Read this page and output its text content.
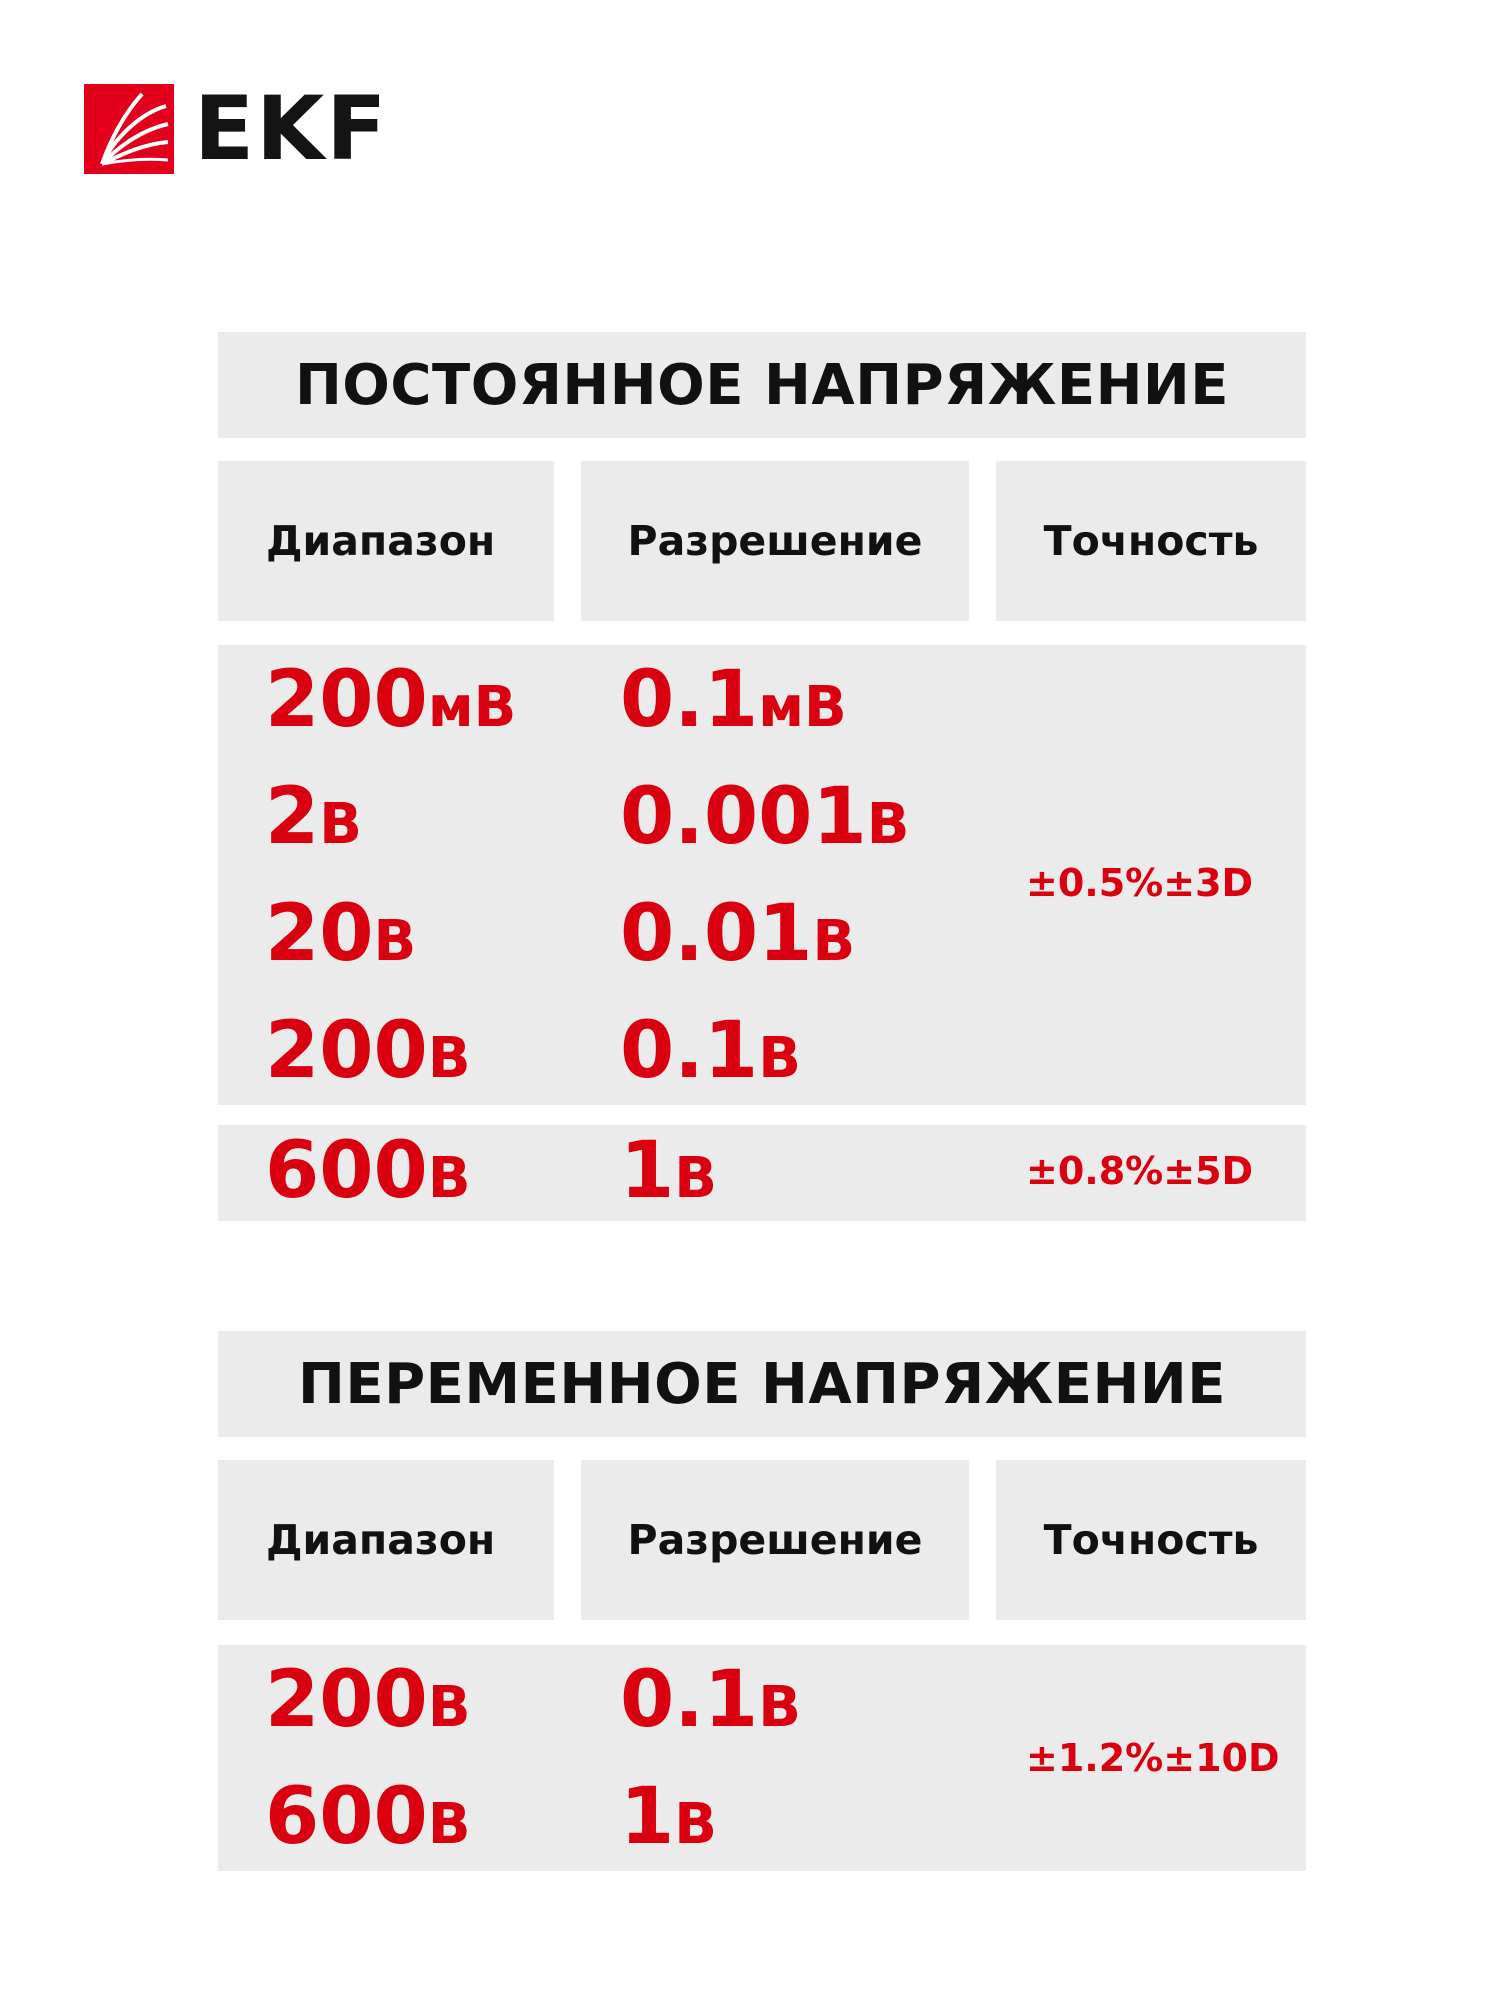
EKF
ПОСТОЯННОЕ НАПРЯЖЕНИЕ
Диапазон	Разрешение	Точность
200мВ 0.1мВ
2В	0.001В
20В	0.01В
200В 0.1В
±0.5%±3D
600В 1В	±0.8%±5D
ПЕРЕМЕННОЕ НАПРЯЖЕНИЕ
Диапазон	Разрешение	Точность
200В 0.1В
600В 1В
±1.2%±10D
